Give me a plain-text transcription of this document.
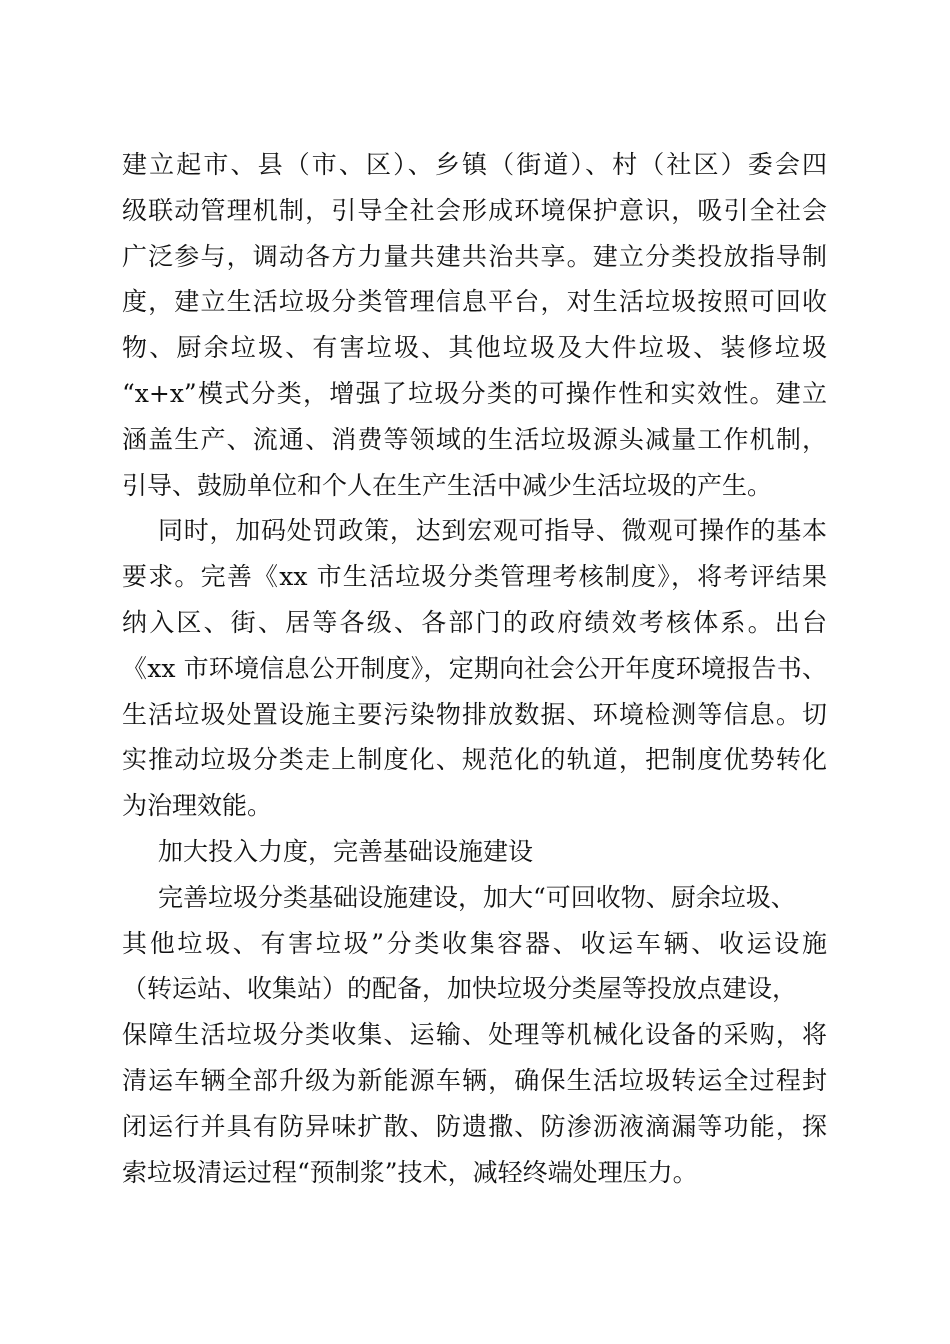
建立起市、县（市、区）、乡镇（街道）、村（社区）委会四
级联动管理机制，引导全社会形成环境保护意识，吸引全社会
广泛参与，调动各方力量共建共治共享。建立分类投放指导制
度，建立生活垃圾分类管理信息平台，对生活垃圾按照可回收
物、厨余垃圾、有害垃圾、其他垃圾及大件垃圾、装修垃圾
“x+x”模式分类，增强了垃圾分类的可操作性和实效性。建立
涵盖生产、流通、消费等领域的生活垃圾源头减量工作机制，
引导、鼓励单位和个人在生产生活中减少生活垃圾的产生。
同时，加码处罚政策，达到宏观可指导、微观可操作的基本
要求。完善《xx 市生活垃圾分类管理考核制度》，将考评结果
纳入区、街、居等各级、各部门的政府绩效考核体系。出台
《xx 市环境信息公开制度》，定期向社会公开年度环境报告书、
生活垃圾处置设施主要污染物排放数据、环境检测等信息。切
实推动垃圾分类走上制度化、规范化的轨道，把制度优势转化
为治理效能。
加大投入力度，完善基础设施建设
完善垃圾分类基础设施建设，加大“可回收物、厨余垃圾、
其他垃圾、有害垃圾”分类收集容器、收运车辆、收运设施
（转运站、收集站）的配备，加快垃圾分类屋等投放点建设，
保障生活垃圾分类收集、运输、处理等机械化设备的采购，将
清运车辆全部升级为新能源车辆，确保生活垃圾转运全过程封
闭运行并具有防异味扩散、防遗撒、防渗沥液滴漏等功能，探
索垃圾清运过程“预制浆”技术，减轻终端处理压力。
